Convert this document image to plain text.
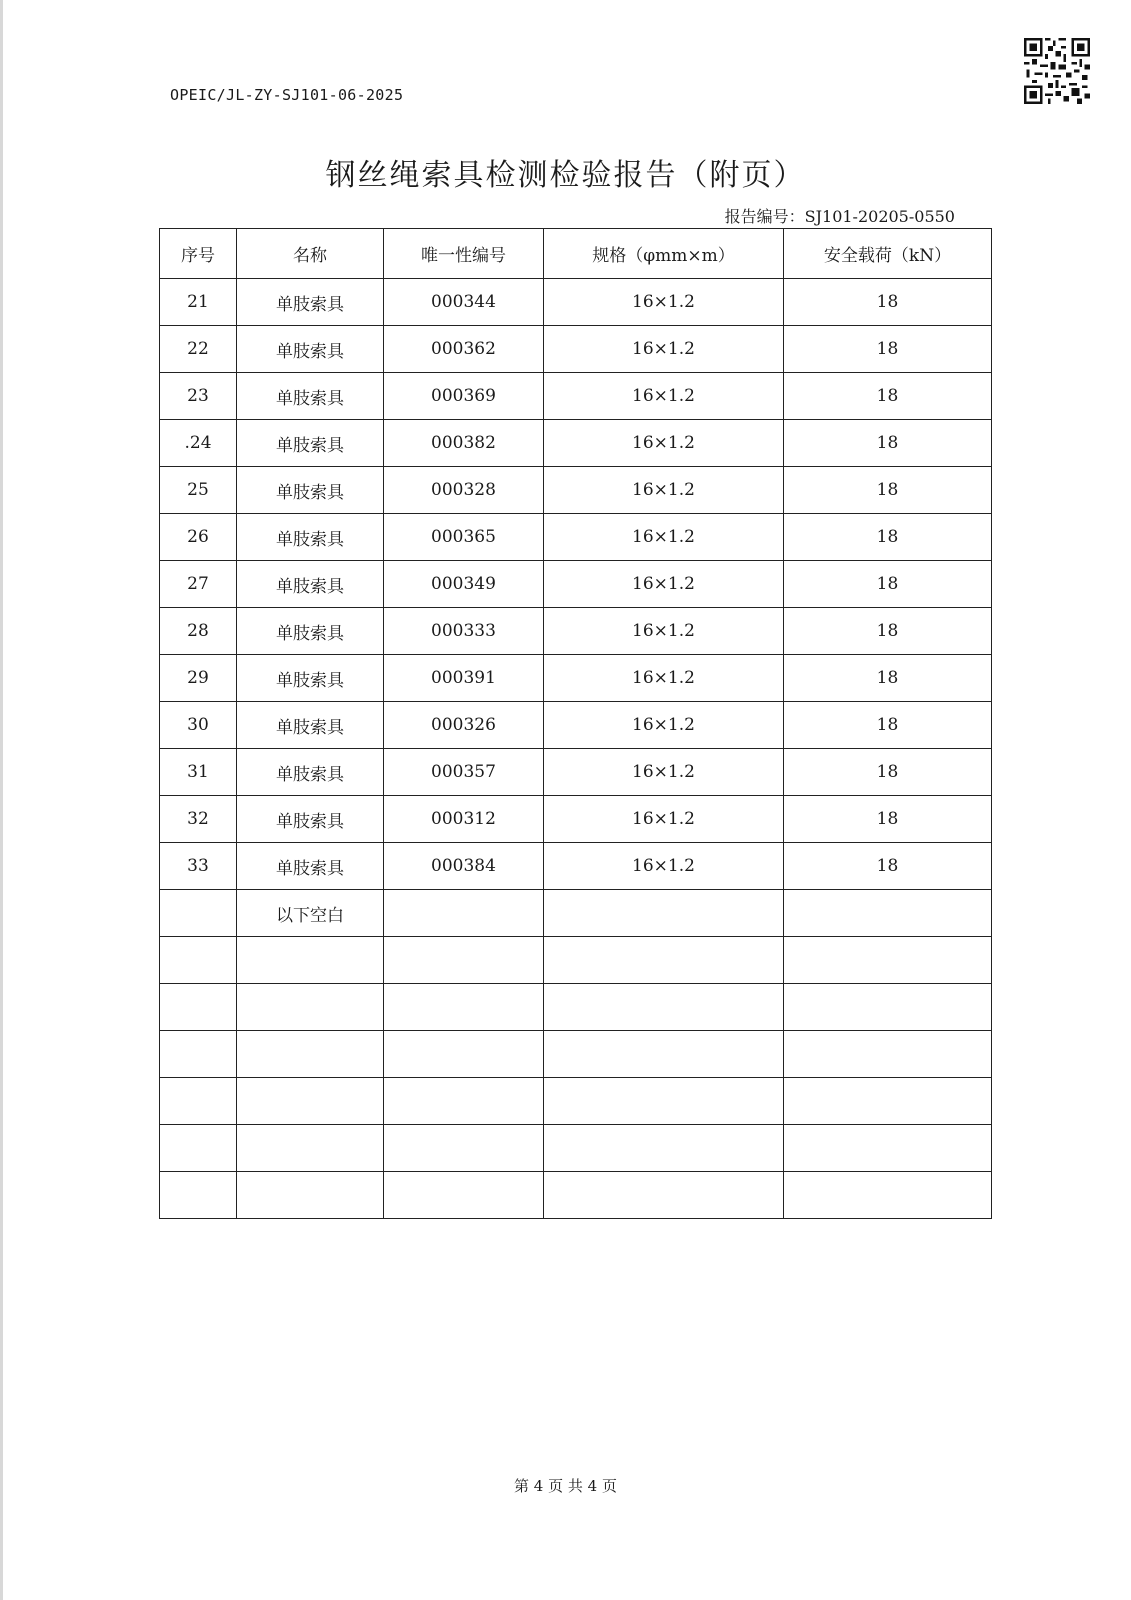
OPEIC/JL-ZY-SJ101-06-2025
钢丝绳索具检测检验报告（附页）
报告编号：SJ101-20205-0550
序号	名称	唯一性编号	规格（φmm×m）	安全载荷（kN）
21	单肢索具	000344	16×1.2	18
22	单肢索具	000362	16×1.2	18
23	单肢索具	000369	16×1.2	18
.24	单肢索具	000382	16×1.2	18
25	单肢索具	000328	16×1.2	18
26	单肢索具	000365	16×1.2	18
27	单肢索具	000349	16×1.2	18
28	单肢索具	000333	16×1.2	18
29	单肢索具	000391	16×1.2	18
30	单肢索具	000326	16×1.2	18
31	单肢索具	000357	16×1.2	18
32	单肢索具	000312	16×1.2	18
33	单肢索具	000384	16×1.2	18
	以下空白			

第 4 页 共 4 页
